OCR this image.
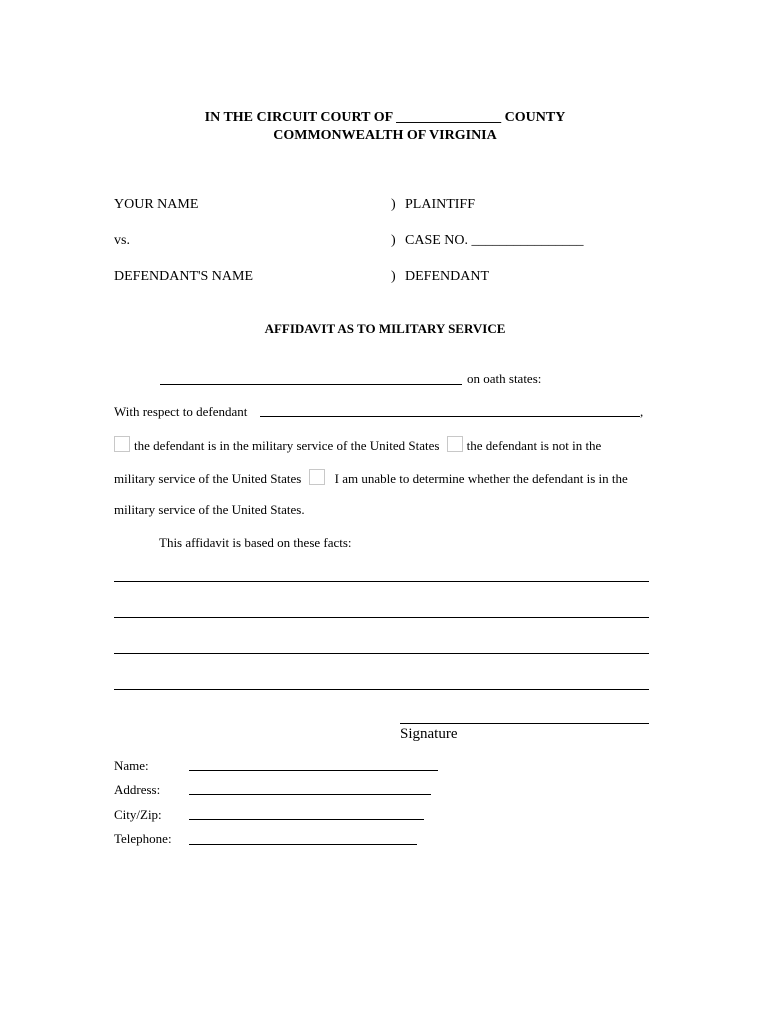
IN THE CIRCUIT COURT OF _______________ COUNTY
COMMONWEALTH OF VIRGINIA
YOUR NAME	) PLAINTIFF
vs.	) CASE NO. ________________
DEFENDANT'S NAME	) DEFENDANT
AFFIDAVIT AS TO MILITARY SERVICE
on oath states:
With respect to defendant	,
the defendant is in the military service of the United States the defendant is not in the
military service of the United States	I am unable to determine whether the defendant is in the
military service of the United States.
This affidavit is based on these facts:
Signature
Name:
Address:
City/Zip:
Telephone:
